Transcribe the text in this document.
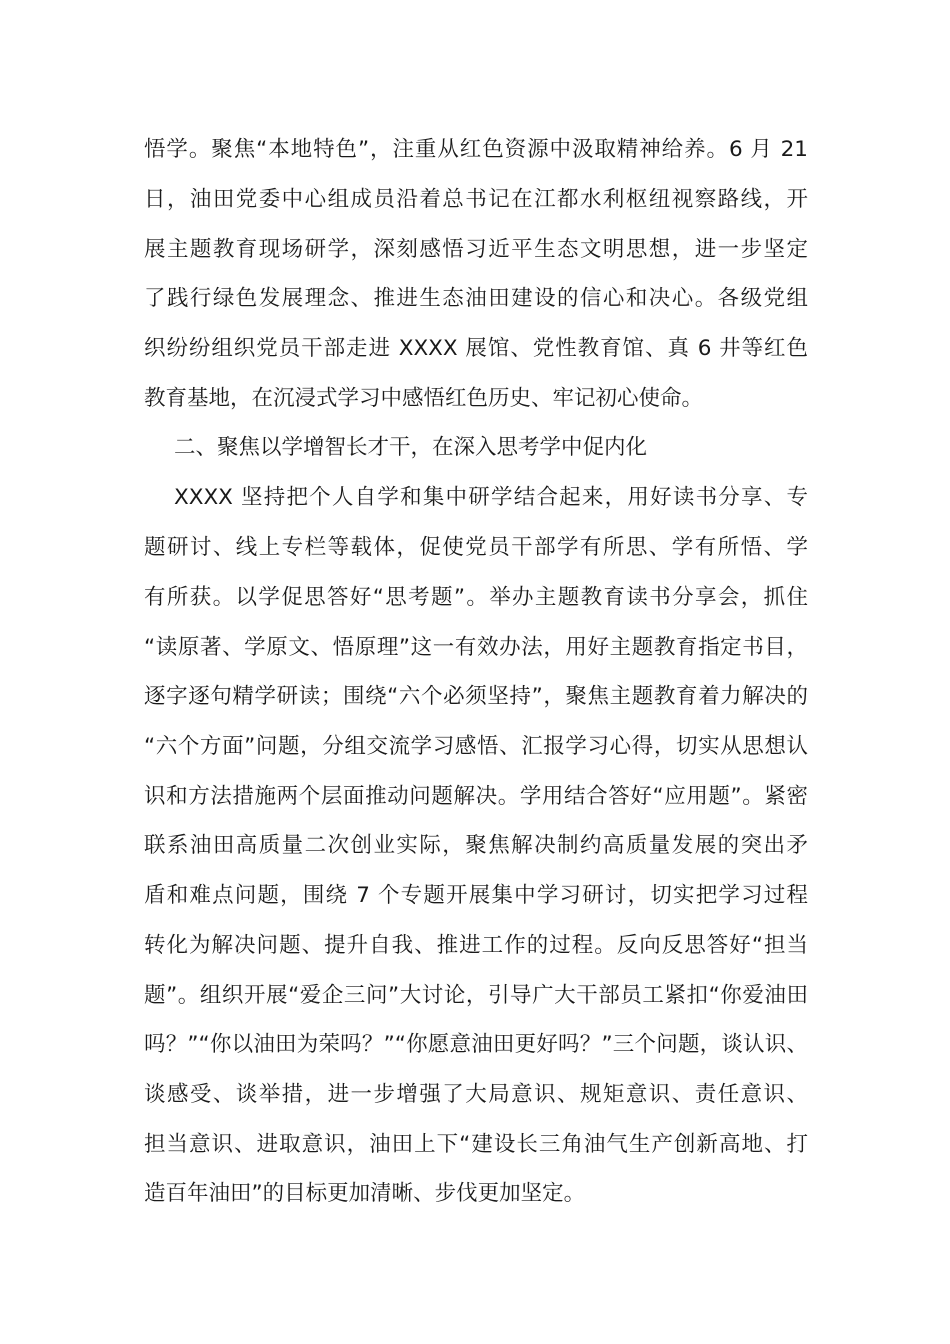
悟学。聚焦“本地特色”，注重从红色资源中汲取精神给养。6 月 21
日，油田党委中心组成员沿着总书记在江都水利枢纽视察路线，开
展主题教育现场研学，深刻感悟习近平生态文明思想，进一步坚定
了践行绿色发展理念、推进生态油田建设的信心和决心。各级党组
织纷纷组织党员干部走进 XXXX 展馆、党性教育馆、真 6 井等红色
教育基地，在沉浸式学习中感悟红色历史、牢记初心使命。
二、聚焦以学增智长才干，在深入思考学中促内化
XXXX 坚持把个人自学和集中研学结合起来，用好读书分享、专
题研讨、线上专栏等载体，促使党员干部学有所思、学有所悟、学
有所获。以学促思答好“思考题”。举办主题教育读书分享会，抓住
“读原著、学原文、悟原理”这一有效办法，用好主题教育指定书目，
逐字逐句精学研读；围绕“六个必须坚持”，聚焦主题教育着力解决的
“六个方面”问题，分组交流学习感悟、汇报学习心得，切实从思想认
识和方法措施两个层面推动问题解决。学用结合答好“应用题”。紧密
联系油田高质量二次创业实际，聚焦解决制约高质量发展的突出矛
盾和难点问题，围绕 7 个专题开展集中学习研讨，切实把学习过程
转化为解决问题、提升自我、推进工作的过程。反向反思答好“担当
题”。组织开展“爱企三问”大讨论，引导广大干部员工紧扣“你爱油田
吗？”“你以油田为荣吗？”“你愿意油田更好吗？”三个问题，谈认识、
谈感受、谈举措，进一步增强了大局意识、规矩意识、责任意识、
担当意识、进取意识，油田上下“建设长三角油气生产创新高地、打
造百年油田”的目标更加清晰、步伐更加坚定。
